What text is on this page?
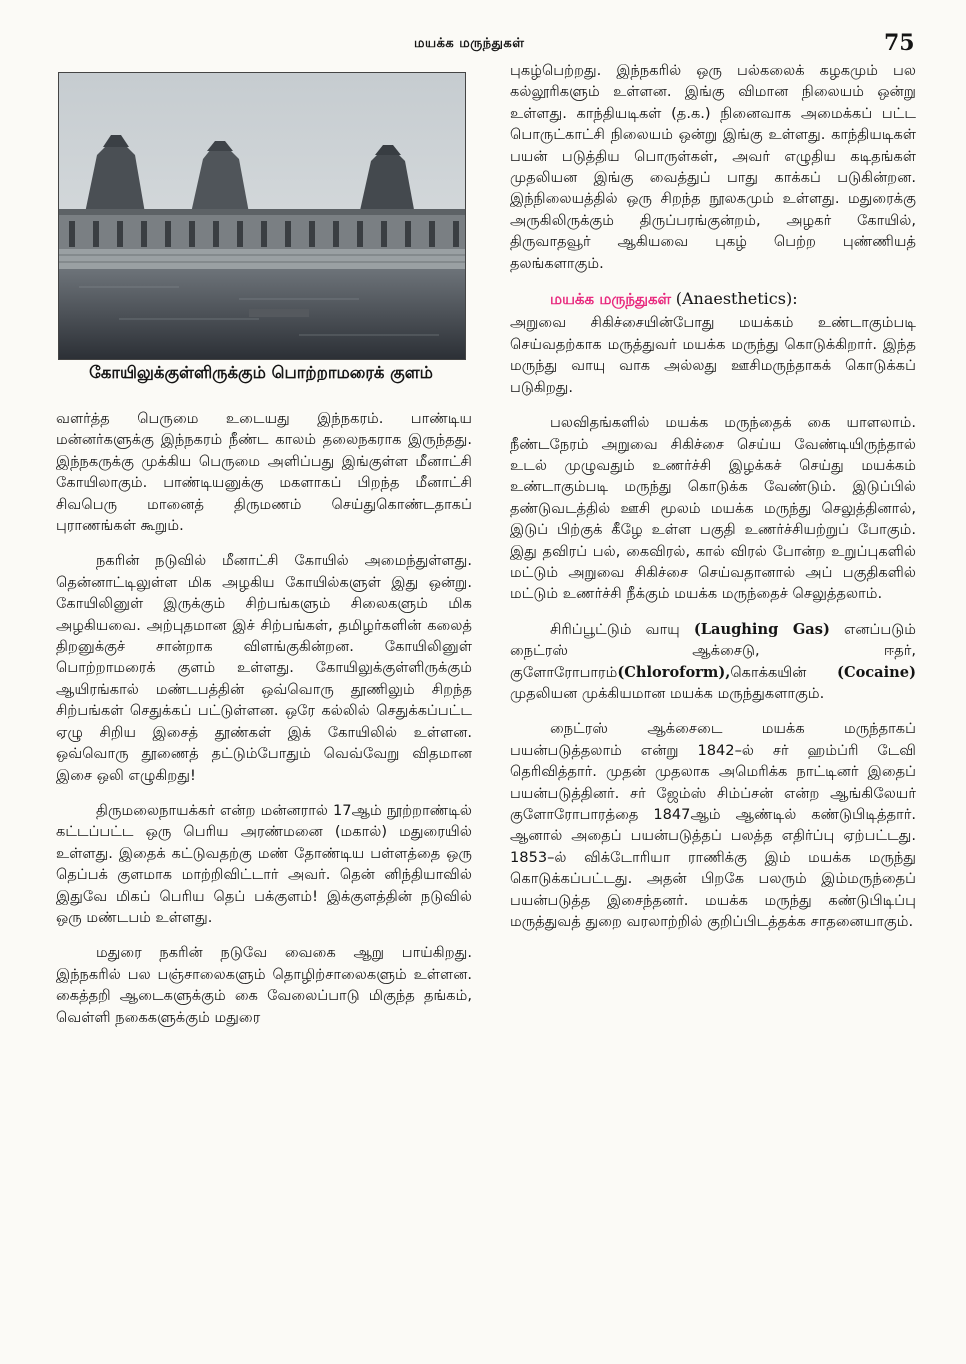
மயக்க மருந்துகள்	75
கோயிலுக்குள்ளிருக்கும் பொற்றாமரைக் குளம்

வளர்த்த பெருமை உடையது இந்நகரம். பாண்டிய மன்னர்களுக்கு இந்நகரம் நீண்ட காலம் தலைநகராக இருந்தது. இந்நகருக்கு முக்கிய பெருமை அளிப்பது இங்குள்ள மீனாட்சி கோயிலாகும். பாண்டியனுக்கு மகளாகப் பிறந்த மீனாட்சி சிவபெரு மானைத் திருமணம் செய்துகொண்டதாகப் புராணங்கள் கூறும்.

நகரின் நடுவில் மீனாட்சி கோயில் அமைந்துள்ளது. தென்னாட்டிலுள்ள மிக அழகிய கோயில்களுள் இது ஒன்று. கோயிலினுள் இருக்கும் சிற்பங்களும் சிலைகளும் மிக அழகியவை. அற்புதமான இச் சிற்பங்கள், தமிழர்களின் கலைத் திறனுக்குச் சான்றாக விளங்குகின்றன. கோயிலினுள் பொற்றாமரைக் குளம் உள்ளது. கோயிலுக்குள்ளிருக்கும் ஆயிரங்கால் மண்டபத்தின் ஒவ்வொரு தூணிலும் சிறந்த சிற்பங்கள் செதுக்கப் பட்டுள்ளன. ஒரே கல்லில் செதுக்கப்பட்ட ஏழு சிறிய இசைத் தூண்கள் இக் கோயிலில் உள்ளன. ஒவ்வொரு தூணைத் தட்டும்போதும் வெவ்வேறு விதமான இசை ஒலி எழுகிறது!

திருமலைநாயக்கர் என்ற மன்னரால் 17ஆம் நூற்றாண்டில் கட்டப்பட்ட ஒரு பெரிய அரண்மனை (மகால்) மதுரையில் உள்ளது. இதைக் கட்டுவதற்கு மண் தோண்டிய பள்ளத்தை ஒரு தெப்பக் குளமாக மாற்றிவிட்டார் அவர். தென் னிந்தியாவில் இதுவே மிகப் பெரிய தெப் பக்குளம்! இக்குளத்தின் நடுவில் ஒரு மண்டபம் உள்ளது.

மதுரை நகரின் நடுவே வைகை ஆறு பாய்கிறது. இந்நகரில் பல பஞ்சாலைகளும் தொழிற்சாலைகளும் உள்ளன. கைத்தறி ஆடைகளுக்கும் கை வேலைப்பாடு மிகுந்த தங்கம், வெள்ளி நகைகளுக்கும் மதுரை

புகழ்பெற்றது. இந்நகரில் ஒரு பல்கலைக் கழகமும் பல கல்லூரிகளும் உள்ளன. இங்கு விமான நிலையம் ஒன்று உள்ளது. காந்தியடிகள் (த.க.) நினைவாக அமைக்கப் பட்ட பொருட்காட்சி நிலையம் ஒன்று இங்கு உள்ளது. காந்தியடிகள் பயன் படுத்திய பொருள்கள், அவர் எழுதிய கடிதங்கள் முதலியன இங்கு வைத்துப் பாது காக்கப் படுகின்றன. இந்நிலையத்தில் ஒரு சிறந்த நூலகமும் உள்ளது. மதுரைக்கு அருகிலிருக்கும் திருப்பரங்குன்றம், அழகர் கோயில், திருவாதவூர் ஆகியவை புகழ் பெற்ற புண்ணியத் தலங்களாகும்.

மயக்க மருந்துகள் (Anaesthetics):

அறுவை சிகிச்சையின்போது மயக்கம் உண்டாகும்படி செய்வதற்காக மருத்துவர் மயக்க மருந்து கொடுக்கிறார். இந்த மருந்து வாயு வாக அல்லது ஊசிமருந்தாகக் கொடுக்கப் படுகிறது.

பலவிதங்களில் மயக்க மருந்தைக் கை யாளலாம். நீண்டநேரம் அறுவை சிகிச்சை செய்ய வேண்டியிருந்தால் உடல் முழுவதும் உணர்ச்சி இழக்கச் செய்து மயக்கம் உண்டாகும்படி மருந்து கொடுக்க வேண்டும். இடுப்பில் தண்டுவடத்தில் ஊசி மூலம் மயக்க மருந்து செலுத்தினால், இடுப் பிற்குக் கீழே உள்ள பகுதி உணர்ச்சியற்றுப் போகும். இது தவிரப் பல், கைவிரல், கால் விரல் போன்ற உறுப்புகளில் மட்டும் அறுவை சிகிச்சை செய்வதானால் அப் பகுதிகளில் மட்டும் உணர்ச்சி நீக்கும் மயக்க மருந்தைச் செலுத்தலாம்.

சிரிப்பூட்டும் வாயு (Laughing Gas) எனப்படும் நைட்ரஸ் ஆக்சைடு, ஈதர், குளோரோபாரம்(Chloroform),கொக்கயின் (Cocaine) முதலியன முக்கியமான மயக்க மருந்துகளாகும்.

நைட்ரஸ் ஆக்சைடை மயக்க மருந்தாகப் பயன்படுத்தலாம் என்று 1842–ல் சர் ஹம்ப்ரி டேவி தெரிவித்தார். முதன் முதலாக அமெரிக்க நாட்டினர் இதைப் பயன்படுத்தினர். சர் ஜேம்ஸ் சிம்ப்சன் என்ற ஆங்கிலேயர் குளோரோபாரத்தை 1847ஆம் ஆண்டில் கண்டுபிடித்தார். ஆனால் அதைப் பயன்படுத்தப் பலத்த எதிர்ப்பு ஏற்பட்டது. 1853–ல் விக்டோரியா ராணிக்கு இம் மயக்க மருந்து கொடுக்கப்பட்டது. அதன் பிறகே பலரும் இம்மருந்தைப் பயன்படுத்த இசைந்தனர். மயக்க மருந்து கண்டுபிடிப்பு மருத்துவத் துறை வரலாற்றில் குறிப்பிடத்தக்க சாதனையாகும்.
